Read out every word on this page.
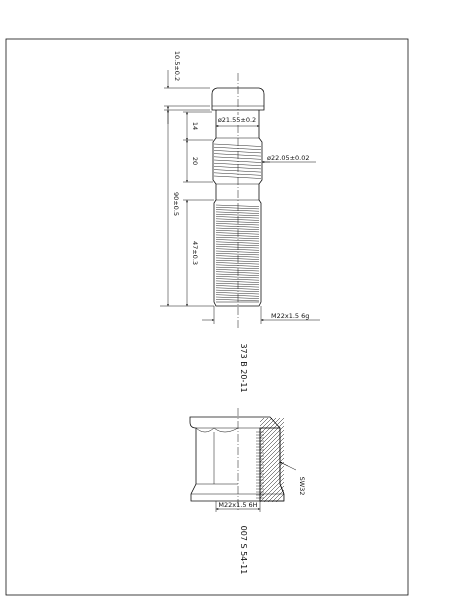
10.5±0.2
14
20
47±0.3
90±0.5
ø21.55±0.2
ø22.05±0.02
M22x1.5 6g
373 B 20-11
SW32
M22x1.5 6H
007 S 54-11
